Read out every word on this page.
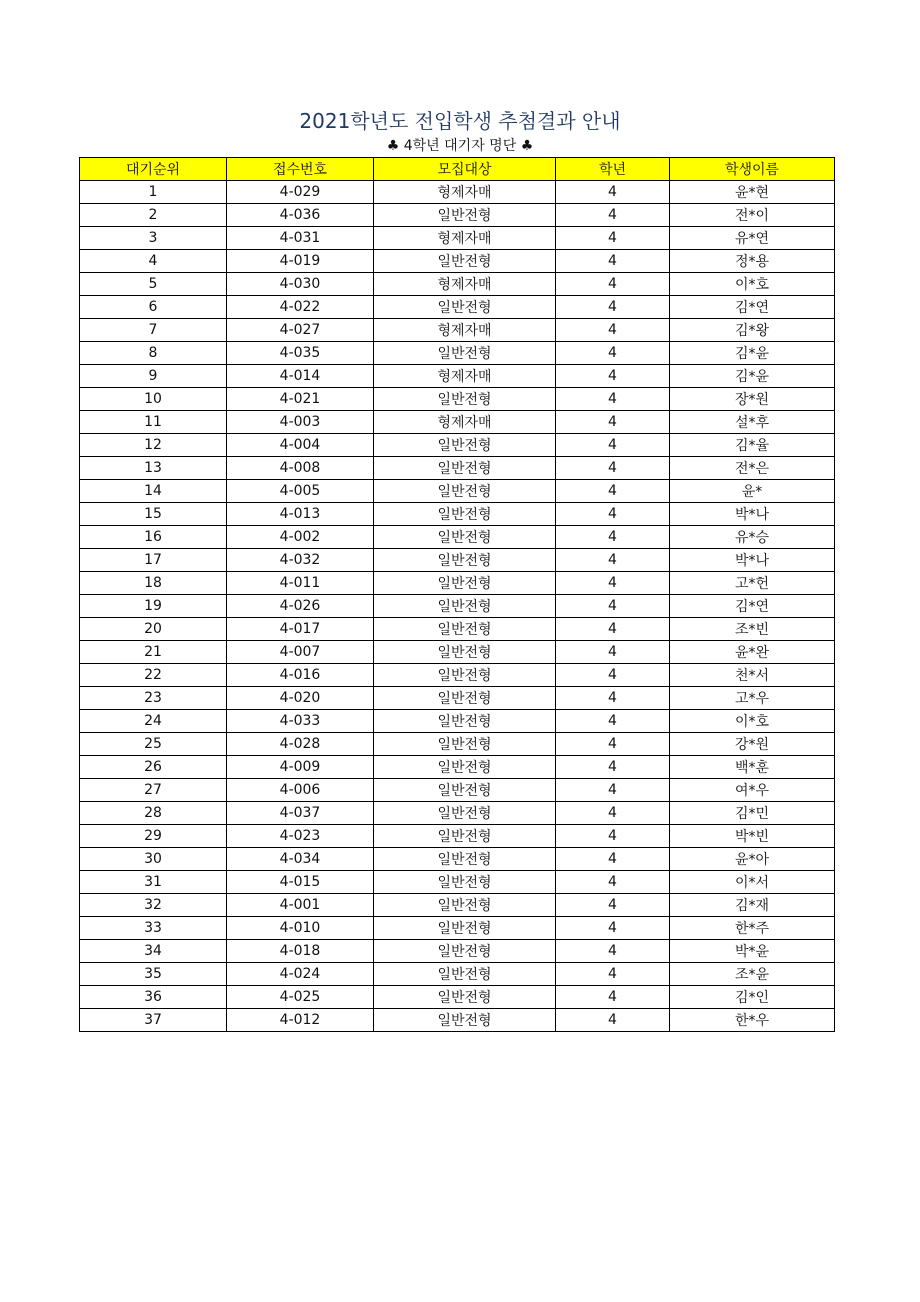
2021학년도 전입학생 추첨결과 안내
♣ 4학년 대기자 명단 ♣
대기순위	접수번호	모집대상	학년	학생이름
1	4-029	형제자매	4	윤*현
2	4-036	일반전형	4	전*이
3	4-031	형제자매	4	유*연
4	4-019	일반전형	4	정*용
5	4-030	형제자매	4	이*호
6	4-022	일반전형	4	김*연
7	4-027	형제자매	4	김*왕
8	4-035	일반전형	4	김*윤
9	4-014	형제자매	4	김*윤
10	4-021	일반전형	4	장*원
11	4-003	형제자매	4	설*후
12	4-004	일반전형	4	김*율
13	4-008	일반전형	4	전*은
14	4-005	일반전형	4	윤*
15	4-013	일반전형	4	박*나
16	4-002	일반전형	4	유*승
17	4-032	일반전형	4	박*나
18	4-011	일반전형	4	고*헌
19	4-026	일반전형	4	김*연
20	4-017	일반전형	4	조*빈
21	4-007	일반전형	4	윤*완
22	4-016	일반전형	4	천*서
23	4-020	일반전형	4	고*우
24	4-033	일반전형	4	이*호
25	4-028	일반전형	4	강*원
26	4-009	일반전형	4	백*훈
27	4-006	일반전형	4	여*우
28	4-037	일반전형	4	김*민
29	4-023	일반전형	4	박*빈
30	4-034	일반전형	4	윤*아
31	4-015	일반전형	4	이*서
32	4-001	일반전형	4	김*재
33	4-010	일반전형	4	한*주
34	4-018	일반전형	4	박*윤
35	4-024	일반전형	4	조*윤
36	4-025	일반전형	4	김*인
37	4-012	일반전형	4	한*우
